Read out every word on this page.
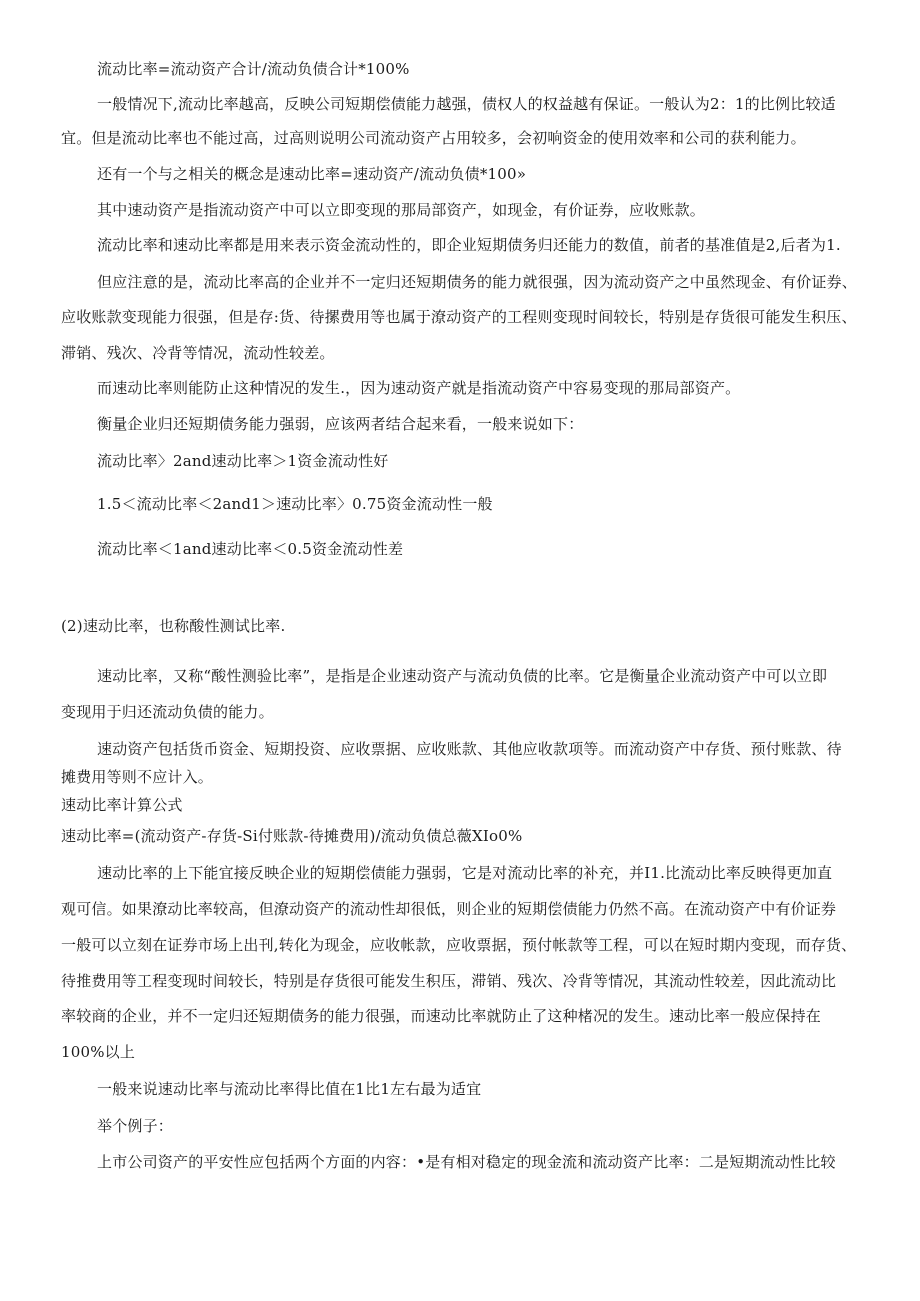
流动比率=流动资产合计/流动负债合计*100%
一般情况下,流动比率越高，反映公司短期偿债能力越强，债权人的权益越有保证。一般认为2：1的比例比较适
宜。但是流动比率也不能过高，过高则说明公司流动资产占用较多，会初响资金的使用效率和公司的获利能力。
还有一个与之相关的概念是速动比率=速动资产/流动负债*100»
其中速动资产是指流动资产中可以立即变现的那局部资产，如现金，有价证券，应收账款。
流动比率和速动比率都是用来表示资金流动性的，即企业短期债务归还能力的数值，前者的基准值是2,后者为1.
但应注意的是，流动比率高的企业并不一定归还短期债务的能力就很强，因为流动资产之中虽然现金、有价证券、
应收账款变现能力很强，但是存:货、待摞费用等也属于潦动资产的工程则变现时间较长，特别是存货很可能发生积压、
滞销、残次、冷背等情况，流动性较差。
而速动比率则能防止这种情况的发生.，因为速动资产就是指流动资产中容易变现的那局部资产。
衡量企业归还短期债务能力强弱，应该两者结合起来看，一般来说如下：
流动比率〉2and速动比率＞1资金流动性好
1.5＜流动比率＜2and1＞速动比率〉0.75资金流动性一般
流动比率＜1and速动比率＜0.5资金流动性差
(2)速动比率，也称酸性测试比率.
速动比率，又称“酸性测验比率”，是指是企业速动资产与流动负债的比率。它是衡量企业流动资产中可以立即
变现用于归还流动负债的能力。
速动资产包括货币资金、短期投资、应收票据、应收账款、其他应收款项等。而流动资产中存货、预付账款、待
摊费用等则不应计入。
速动比率计算公式
速动比率=(流动资产-存货-Si付账款-待摊费用)/流动负债总薇XIo0%
速动比率的上下能宜接反映企业的短期偿债能力强弱，它是对流动比率的补充，并I1.比流动比率反映得更加直
观可信。如果潦动比率较高，但潦动资产的流动性却很低，则企业的短期偿债能力仍然不高。在流动资产中有价证券
一般可以立刻在证券市场上出刊,转化为现金，应收帐款，应收票据，预付帐款等工程，可以在短时期内变现，而存货、
待推费用等工程变现时间较长，特别是存货很可能发生积压，滞销、残次、冷背等情况，其流动性较差，因此流动比
率较商的企业，并不一定归还短期债务的能力很强，而速动比率就防止了这种楮况的发生。速动比率一般应保持在
100%以上
一般来说速动比率与流动比率得比值在1比1左右最为适宜
举个例子：
上市公司资产的平安性应包括两个方面的内容：•是有相对稳定的现金流和流动资产比率：二是短期流动性比较
